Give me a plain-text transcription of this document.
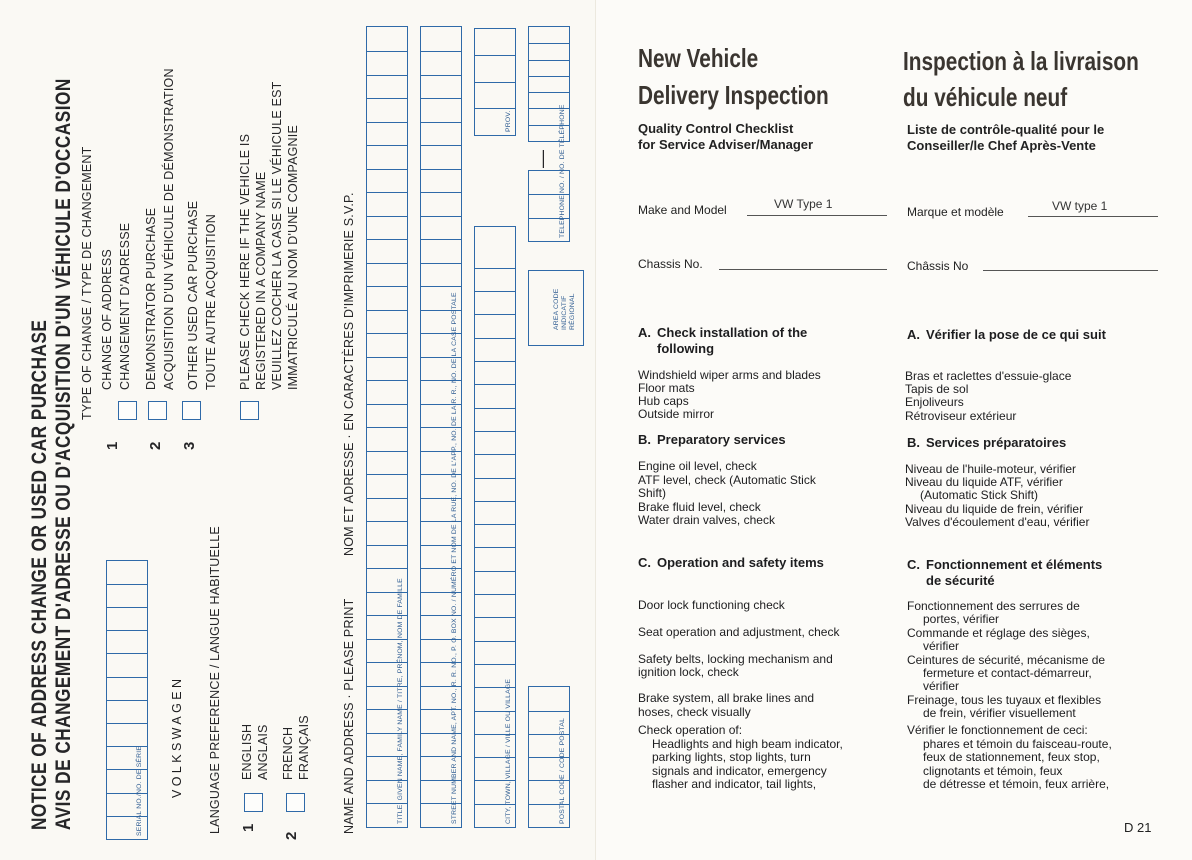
NOTICE OF ADDRESS CHANGE OR USED CAR PURCHASE AVIS DE CHANGEMENT D'ADRESSE OU D'ACQUISITION D'UN VÉHICULE D'OCCASION	SERIAL NO./NO. DE SÉRIE VOLKSWAGEN LANGUAGE PREFERENCE / LANGUE HABITUELLE 1
ENGLISH ANGLAIS
2
FRENCH FRANÇAIS
TYPE OF CHANGE / TYPE DE CHANGEMENT
1
CHANGE OF ADDRESS CHANGEMENT D'ADRESSE
2
DEMONSTRATOR PURCHASE ACQUISITION D'UN VÉHICULE DE DÉMONSTRATION
3
OTHER USED CAR PURCHASE TOUTE AUTRE ACQUISITION PLEASE CHECK HERE IF THE VEHICLE IS REGISTERED IN A COMPANY NAME VEUILLEZ COCHER LA CASE SI LE VÉHICULE EST IMMATRICULÉ AU NOM D'UNE COMPAGNIE
NAME AND ADDRESS · PLEASE PRINT
NOM ET ADRESSE · EN CARACTÈRES D'IMPRIMERIE S.V.P.
TITLE, GIVEN NAME, FAMILY NAME / TITRE, PRÉNOM, NOM DE FAMILLE	STREET NUMBER AND NAME, APT. NO., R. R. NO., P. O. BOX NO. / NUMÉRO ET NOM DE LA RUE, NO. DE L'APP., NO. DE LA R. R., NO. DE LA CASE POSTALE	CITY, TOWN, VILLAGE / VILLE OU VILLAGE
PROV.
POSTAL CODE / CODE POSTAL
AREA CODE INDICATIF RÉGIONAL
— TELEPHONE NO. / NO. DE TÉLÉPHONE
New Vehicle
Delivery Inspection
Quality Control Checklist
for Service Adviser/Manager
Make and Model	VW Type 1
Chassis No.
A. Check installation of the
following
Windshield wiper arms and blades
Floor mats
Hub caps
Outside mirror
B. Preparatory services
Engine oil level, check
ATF level, check (Automatic Stick
Shift)
Brake fluid level, check
Water drain valves, check
C. Operation and safety items
Door lock functioning check
Seat operation and adjustment, check
Safety belts, locking mechanism and
ignition lock, check
Brake system, all brake lines and
hoses, check visually
Check operation of:
Headlights and high beam indicator,
parking lights, stop lights, turn
signals and indicator, emergency
flasher and indicator, tail lights,
Inspection à la livraison
du véhicule neuf
Liste de contrôle-qualité pour le
Conseiller/le Chef Après-Vente
Marque et modèle	VW type 1
Châssis No
A. Vérifier la pose de ce qui suit
Bras et raclettes d'essuie-glace
Tapis de sol
Enjoliveurs
Rétroviseur extérieur
B. Services préparatoires
Niveau de l'huile-moteur, vérifier
Niveau du liquide ATF, vérifier
(Automatic Stick Shift)
Niveau du liquide de frein, vérifier
Valves d'écoulement d'eau, vérifier
C. Fonctionnement et éléments
de sécurité
Fonctionnement des serrures de
portes, vérifier
Commande et réglage des sièges,
vérifier
Ceintures de sécurité, mécanisme de
fermeture et contact-démarreur,
vérifier
Freinage, tous les tuyaux et flexibles
de frein, vérifier visuellement
Vérifier le fonctionnement de ceci:
phares et témoin du faisceau-route,
feux de stationnement, feux stop,
clignotants et témoin, feux
de détresse et témoin, feux arrière,
D 21
